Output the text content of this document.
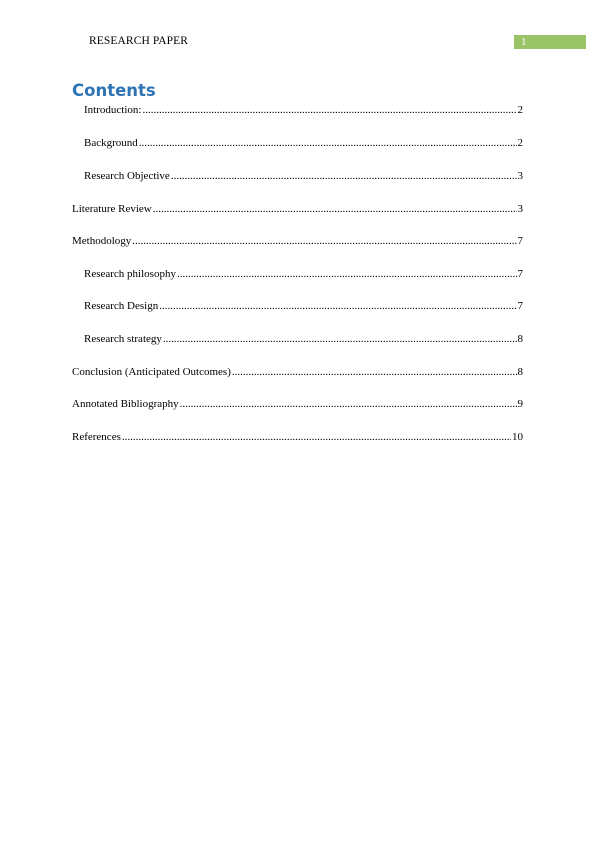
RESEARCH PAPER	1
Contents
Introduction: .....	2
Background .....	2
Research Objective .....	3
Literature Review .....	3
Methodology .....	7
Research philosophy .....	7
Research Design .....	7
Research strategy .....	8
Conclusion (Anticipated Outcomes) .....	8
Annotated Bibliography .....	9
References .....	10
